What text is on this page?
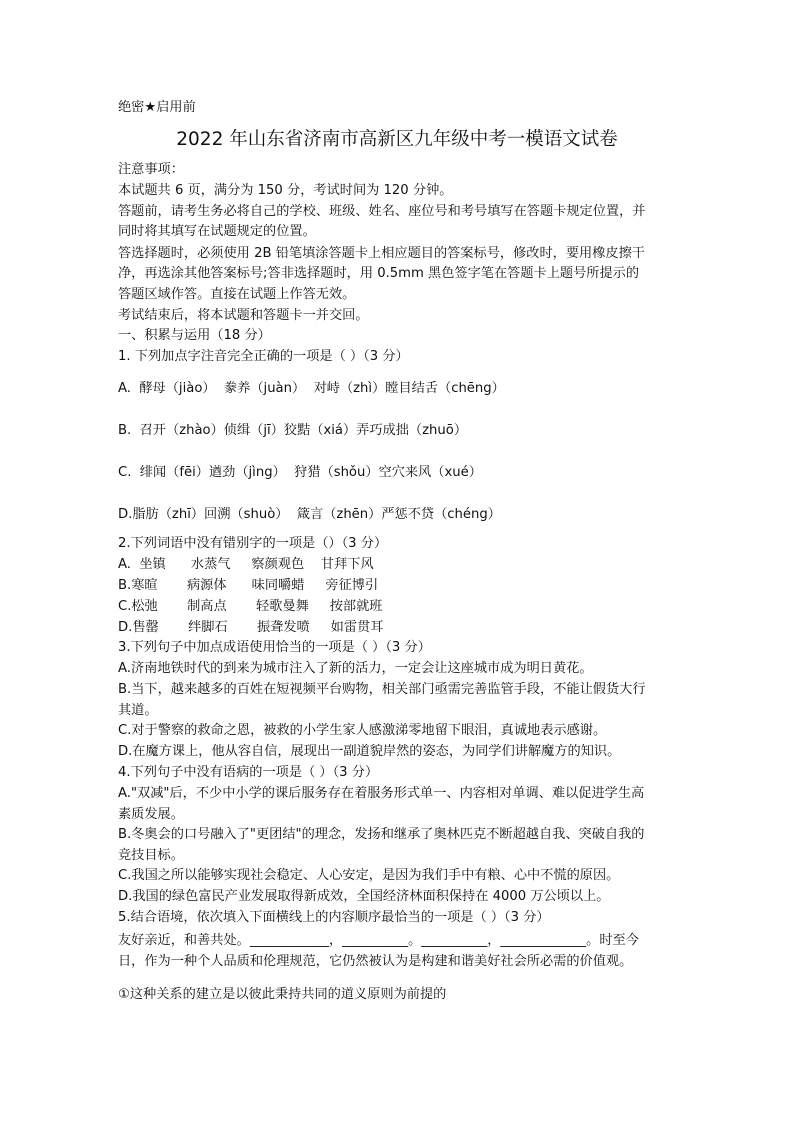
绝密★启用前
2022 年山东省济南市高新区九年级中考一模语文试卷
注意事项：
本试题共 6 页，满分为 150 分，考试时间为 120 分钟。
答题前，请考生务必将自己的学校、班级、姓名、座位号和考号填写在答题卡规定位置，并
同时将其填写在试题规定的位置。
答选择题时，必须使用 2B 铅笔填涂答题卡上相应题目的答案标号，修改时，要用橡皮擦干
净，再选涂其他答案标号;答非选择题时，用 0.5mm 黑色签字笔在答题卡上题号所提示的
答题区域作答。直接在试题上作答无效。
考试结束后，将本试题和答题卡一并交回。
一、积累与运用（18 分）
1. 下列加点字注音完全正确的一项是（ ）（3 分）
A.  酵母（jiào）  豢养（juàn）  对峙（zhì）瞠目结舌（chēng）
B.  召开（zhào）侦缉（jī）狡黠（xiá）弄巧成拙（zhuō）
C.  绯闻（fēi）遒劲（jìng）  狩猎（shǒu）空穴来风（xué）
D.脂肪（zhī）回溯（shuò）  箴言（zhēn）严惩不贷（chéng）
2.下列词语中没有错别字的一项是（）（3 分）
A.  坐镇      水蒸气     察颜观色    甘拜下风
B.寒暄       病源体      味同嚼蜡     旁征博引
C.松弛       制高点       轻歌曼舞     按部就班
D.售罄       绊脚石       振聋发喷     如雷贯耳
3.下列句子中加点成语使用恰当的一项是（ ）（3 分）
A.济南地铁时代的到来为城市注入了新的活力，一定会让这座城市成为明日黄花。
B.当下，越来越多的百姓在短视频平台购物，相关部门亟需完善监管手段，不能让假货大行
其道。
C.对于警察的救命之恩，被救的小学生家人感激涕零地留下眼泪，真诚地表示感谢。
D.在魔方课上，他从容自信，展现出一副道貌岸然的姿态，为同学们讲解魔方的知识。
4.下列句子中没有语病的一项是（ ）（3 分）
A."双减"后，不少中小学的课后服务存在着服务形式单一、内容相对单调、难以促进学生高
素质发展。
B.冬奥会的口号融入了"更团结"的理念，发扬和继承了奥林匹克不断超越自我、突破自我的
竞技目标。
C.我国之所以能够实现社会稳定、人心安定，是因为我们手中有粮、心中不慌的原因。
D.我国的绿色富民产业发展取得新成效，全国经济林面积保持在 4000 万公顷以上。
5.结合语境，依次填入下面横线上的内容顺序最恰当的一项是（ ）（3 分）
友好亲近，和善共处。____________，__________。__________，_____________。时至今
日，作为一种个人品质和伦理规范，它仍然被认为是构建和谐美好社会所必需的价值观。
①这种关系的建立是以彼此秉持共同的道义原则为前提的
